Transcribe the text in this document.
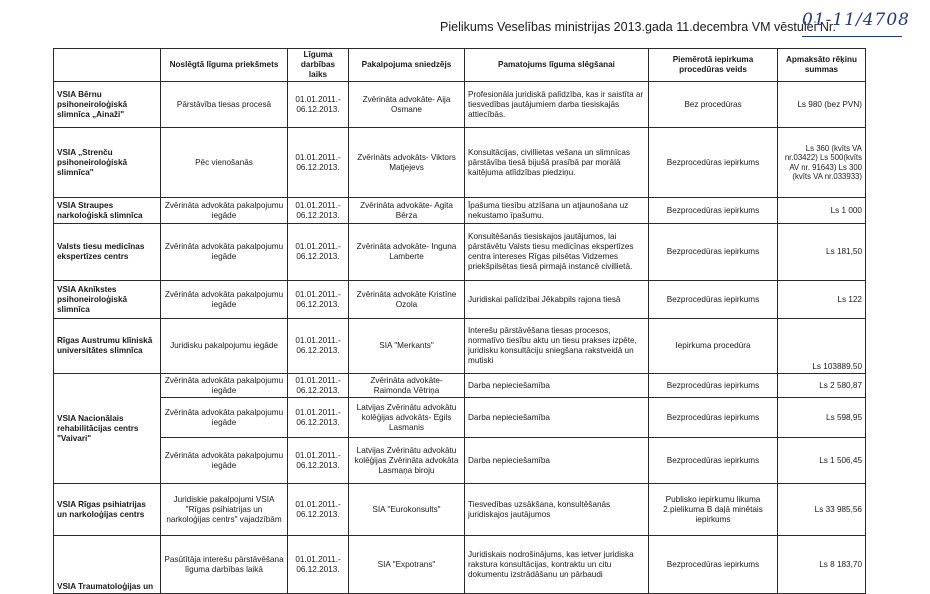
Pielikums Veselības ministrijas 2013.gada 11.decembra VM vēstulei Nr.
01-11/4708
	Noslēgtā līguma priekšmets	Līguma darbības laiks	Pakalpojuma sniedzējs	Pamatojums līguma slēgšanai	Piemērotā iepirkuma procedūras veids	Apmaksāto rēķinu summas
VSIA Bērnu psihoneiroloģiskā slimnīca „Ainaži"	Pārstāvība tiesas procesā	01.01.2011.- 06.12.2013.	Zvērināta advokāte- Aija Osmane	Profesionāla juridiskā palīdzība, kas ir saistīta ar tiesvedības jautājumiem darba tiesiskajās attiecībās.	Bez procedūras	Ls 980 (bez PVN)
VSIA „Strenču psihoneiroloģiskā slimnīca"	Pēc vienošanās	01.01.2011.- 06.12.2013.	Zvērināts advokāts- Viktors Matjejevs	Konsultācijas, civillietas vešana un slimnīcas pārstāvība tiesā bijušā prasībā par morālā kaitējuma atlīdzības piedziņu.	Bezprocedūras iepirkums	Ls 360 (kvīts VA nr.03422) Ls 500(kvīts AV nr. 91643) Ls 300 (kvīts VA nr.033933)
VSIA Straupes narkoloģiskā slimnīca	Zvērināta advokāta pakalpojumu iegāde	01.01.2011.- 06.12.2013.	Zvērināta advokāte- Agita Bērza	Īpašuma tiesību atzīšana un atjaunošana uz nekustamo īpašumu.	Bezprocedūras iepirkums	Ls 1 000
Valsts tiesu medicīnas ekspertīzes centrs	Zvērināta advokāta pakalpojumu iegāde	01.01.2011.- 06.12.2013.	Zvērināta advokāte- Inguna Lamberte	Konsultēšanās tiesiskajos jautājumos, lai pārstāvētu Valsts tiesu medicīnas ekspertīzes centra intereses Rīgas pilsētas Vidzemes priekšpilsētas tiesā pirmajā instancē civillietā.	Bezprocedūras iepirkums	Ls 181,50
VSIA Aknīkstes psihoneiroloģiskā slimnīca	Zvērināta advokāta pakalpojumu iegāde	01.01.2011.- 06.12.2013.	Zvērināta advokāte Kristīne Ozola	Juridiskai palīdzībai Jēkabpils rajona tiesā	Bezprocedūras iepirkums	Ls 122
Rīgas Austrumu klīniskā universitātes slimnīca	Juridisku pakalpojumu iegāde	01.01.2011.- 06.12.2013.	SIA "Merkants"	Interešu pārstāvēšana tiesas procesos, normatīvo tiesību aktu un tiesu prakses izpēte, juridisku konsultāciju sniegšana rakstveidā un mutiski	Iepirkuma procedūra	Ls 103889.50
VSIA Nacionālais rehabilitācijas centrs "Vaivari"	Zvērināta advokāta pakalpojumu iegāde	01.01.2011.- 06.12.2013.	Zvērināta advokāte- Raimonda Vētriņa	Darba nepieciešamība	Bezprocedūras iepirkums	Ls 2 580,87
	Zvērināta advokāta pakalpojumu iegāde	01.01.2011.- 06.12.2013.	Latvijas Zvērinātu advokātu kolēģijas advokāts- Egils Lasmanis	Darba nepieciešamība	Bezprocedūras iepirkums	Ls 598,95
	Zvērināta advokāta pakalpojumu iegāde	01.01.2011.- 06.12.2013.	Latvijas Zvērinātu advokātu kolēģijas Zvērināta advokāta Lasmaņa biroju	Darba nepieciešamība	Bezprocedūras iepirkums	Ls 1 506,45
VSIA Rīgas psihiatrijas un narkoloģijas centrs	Juridiskie pakalpojumi VSIA "Rīgas psihiatrijas un narkoloģijas centrs" vajadzībām	01.01.2011.- 06.12.2013.	SIA "Eurokonsults"	Tiesvedības uzsākšana, konsultēšanās juridiskajos jautājumos	Publisko iepirkumu likuma 2.pielikuma B daļā minētais iepirkums	Ls 33 985,56
VSIA Traumatoloģijas un	Pasūtītāja interešu pārstāvēšana līguma darbības laikā	01.01.2011.- 06.12.2013.	SIA "Expotrans"	Juridiskais nodrošinājums, kas ietver juridiska rakstura konsultācijas, kontraktu un citu dokumentu izstrādāšanu un pārbaudi	Bezprocedūras iepirkums	Ls 8 183,70
